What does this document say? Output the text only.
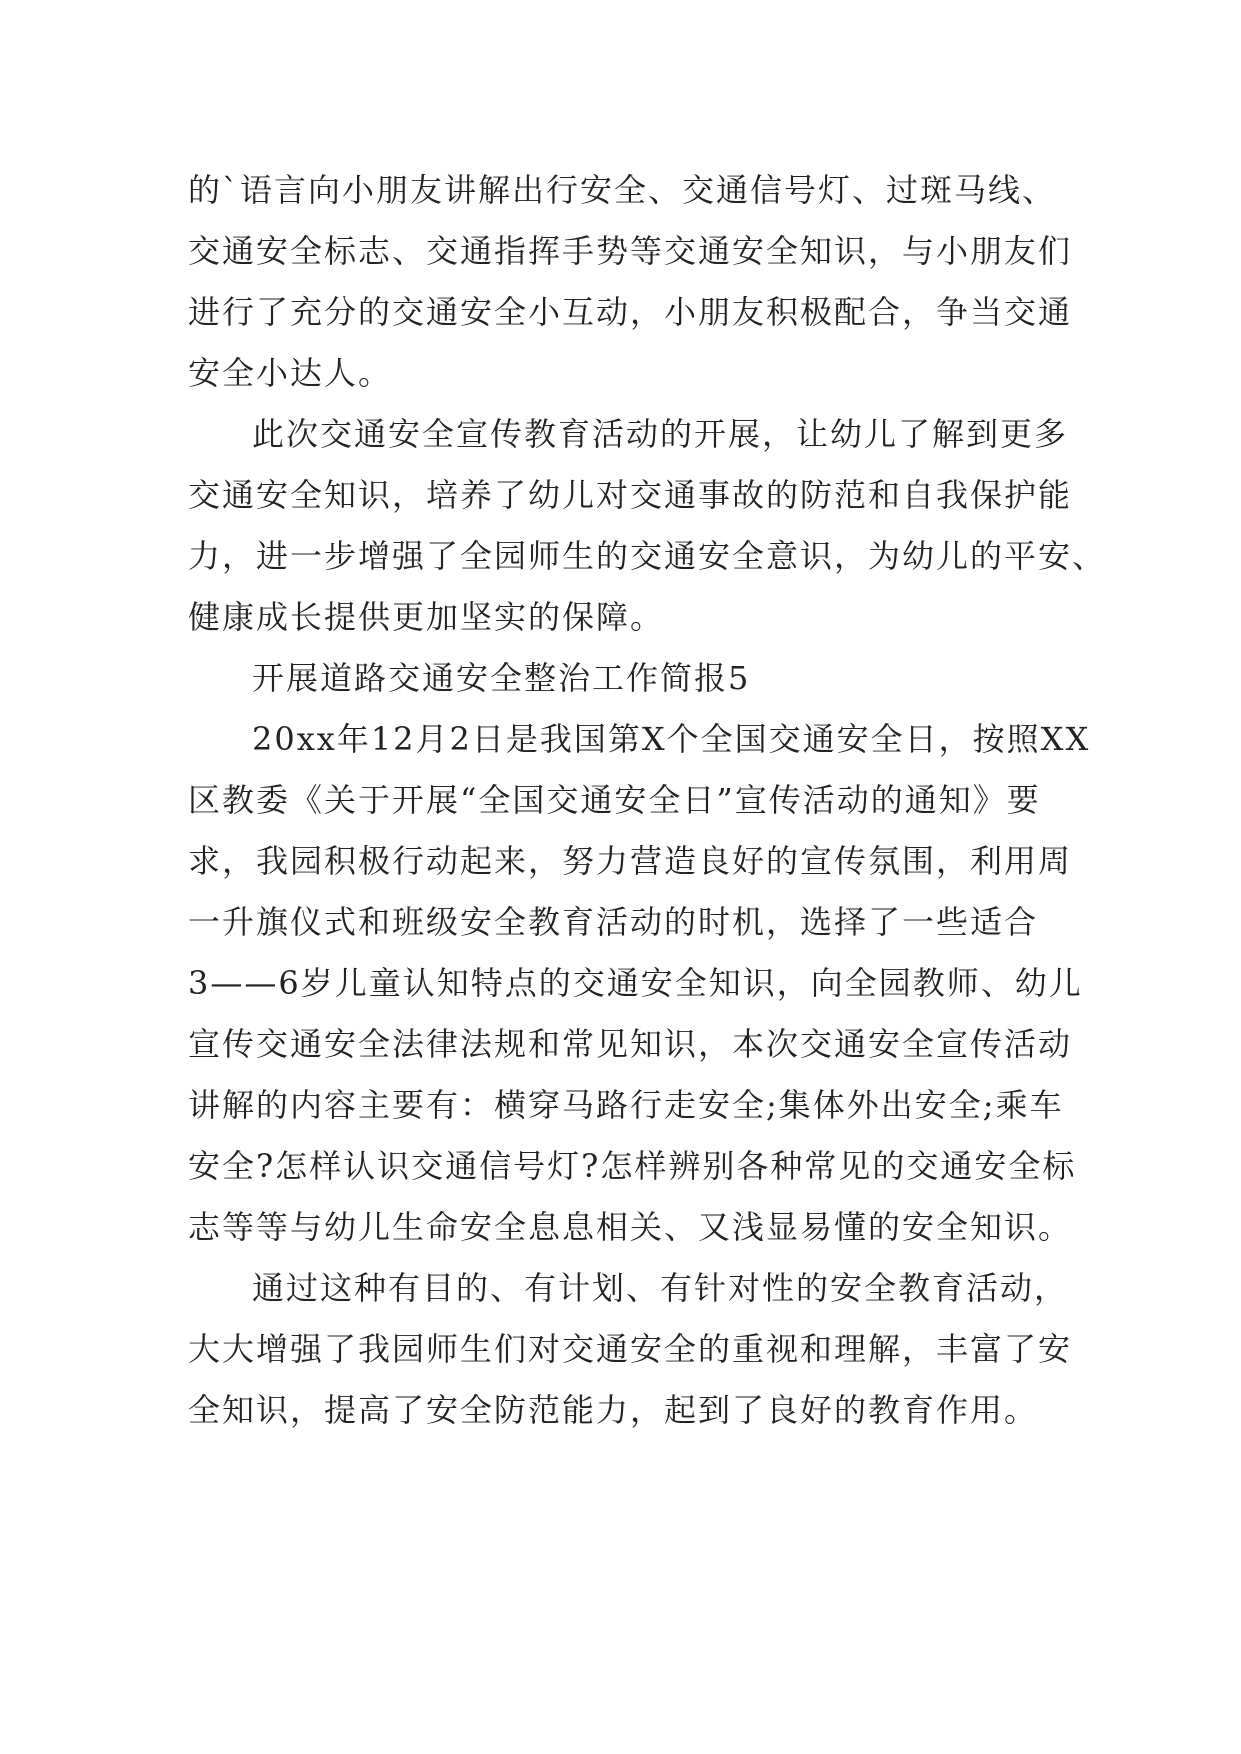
的`语言向小朋友讲解出行安全、交通信号灯、过斑马线、
交通安全标志、交通指挥手势等交通安全知识，与小朋友们
进行了充分的交通安全小互动，小朋友积极配合，争当交通
安全小达人。
此次交通安全宣传教育活动的开展，让幼儿了解到更多
交通安全知识，培养了幼儿对交通事故的防范和自我保护能
力，进一步增强了全园师生的交通安全意识，为幼儿的平安、
健康成长提供更加坚实的保障。
开展道路交通安全整治工作简报5
20xx年12月2日是我国第X个全国交通安全日，按照XX
区教委《关于开展“全国交通安全日”宣传活动的通知》要
求，我园积极行动起来，努力营造良好的宣传氛围，利用周
一升旗仪式和班级安全教育活动的时机，选择了一些适合
3——6岁儿童认知特点的交通安全知识，向全园教师、幼儿
宣传交通安全法律法规和常见知识，本次交通安全宣传活动
讲解的内容主要有：横穿马路行走安全;集体外出安全;乘车
安全?怎样认识交通信号灯?怎样辨别各种常见的交通安全标
志等等与幼儿生命安全息息相关、又浅显易懂的安全知识。
通过这种有目的、有计划、有针对性的安全教育活动，
大大增强了我园师生们对交通安全的重视和理解，丰富了安
全知识，提高了安全防范能力，起到了良好的教育作用。
